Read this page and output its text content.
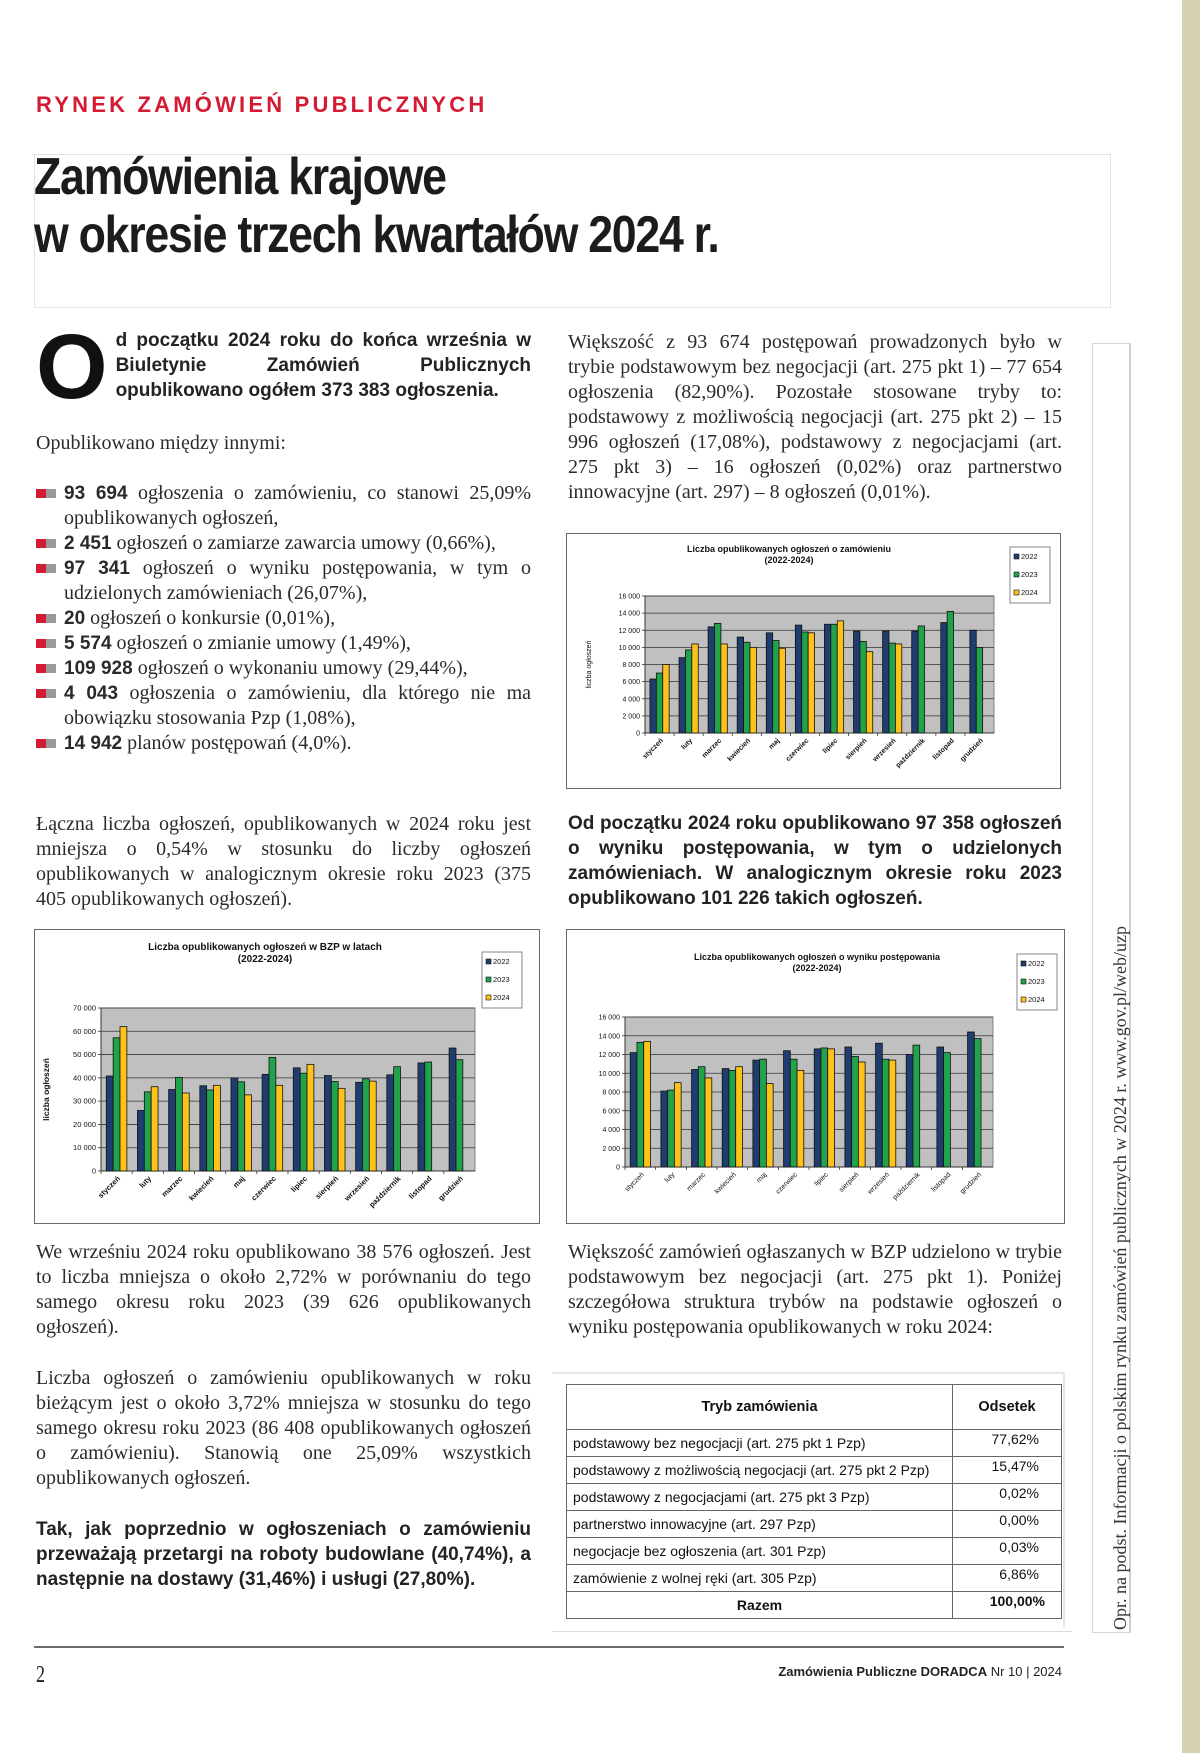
RYNEK ZAMÓWIEŃ PUBLICZNYCH
Zamówienia krajowe
w okresie trzech kwartałów 2024 r.
O d początku 2024 roku do końca września w Biuletynie Zamówień Publicznych opublikowano ogółem 373 383 ogłoszenia.
Opublikowano między innymi:
93 694 ogłoszenia o zamówieniu, co stanowi 25,09% opublikowanych ogłoszeń,
2 451 ogłoszeń o zamiarze zawarcia umowy (0,66%),
97 341 ogłoszeń o wyniku postępowania, w tym o udzielonych zamówieniach (26,07%),
20 ogłoszeń o konkursie (0,01%),
5 574 ogłoszeń o zmianie umowy (1,49%),
109 928 ogłoszeń o wykonaniu umowy (29,44%),
4 043 ogłoszenia o zamówieniu, dla którego nie ma obowiązku stosowania Pzp (1,08%),
14 942 planów postępowań (4,0%).
Łączna liczba ogłoszeń, opublikowanych w 2024 roku jest mniejsza o 0,54% w stosunku do liczby ogłoszeń opublikowanych w analogicznym okresie roku 2023 (375 405 opublikowanych ogłoszeń).
Liczba opublikowanych ogłoszeń w BZP w latach
(2022-2024)
0
10 000
20 000
30 000
40 000
50 000
60 000
70 000
liczba ogłoszeń
styczeń luty marzec kwiecień maj czerwiec lipiec sierpień wrzesień
październik listopad grudzień
2022
2023
2024
We wrześniu 2024 roku opublikowano 38 576 ogłoszeń. Jest to liczba mniejsza o około 2,72% w porównaniu do tego samego okresu roku 2023 (39 626 opublikowanych ogłoszeń).
Liczba ogłoszeń o zamówieniu opublikowanych w roku bieżącym jest o około 3,72% mniejsza w stosunku do tego samego okresu roku 2023 (86 408 opublikowanych ogłoszeń o zamówieniu). Stanowią one 25,09% wszystkich opublikowanych ogłoszeń.
Tak, jak poprzednio w ogłoszeniach o zamówieniu przeważają przetargi na roboty budowlane (40,74%), a następnie na dostawy (31,46%) i usługi (27,80%).
Większość z 93 674 postępowań prowadzonych było w trybie podstawowym bez negocjacji (art. 275 pkt 1) – 77 654 ogłoszenia (82,90%). Pozostałe stosowane tryby to: podstawowy z możliwością negocjacji (art. 275 pkt 2) – 15 996 ogłoszeń (17,08%), podstawowy z negocjacjami (art. 275 pkt 3) – 16 ogłoszeń (0,02%) oraz partnerstwo innowacyjne (art. 297) – 8 ogłoszeń (0,01%).
Liczba opublikowanych ogłoszeń o zamówieniu
(2022-2024)
0
2 000
4 000
6 000
8 000
10 000
12 000
14 000
16 000
liczba ogłoszeń
styczeń luty marzec kwiecień maj czerwiec lipiec sierpień wrzesień
październik listopad grudzień
2022
2023
2024
Od początku 2024 roku opublikowano 97 358 ogłoszeń o wyniku postępowania, w tym o udzielonych zamówieniach. W analogicznym okresie roku 2023 opublikowano 101 226 takich ogłoszeń.
Liczba opublikowanych ogłoszeń o wyniku postępowania
(2022-2024)
0
2 000
4 000
6 000
8 000
10 000
12 000
14 000
16 000
styczeń	luty marzec kwiecień	maj czerwiec lipiec sierpień wrzesień październik listopad grudzień
2022
2023
2024
Większość zamówień ogłaszanych w BZP udzielono w trybie podstawowym bez negocjacji (art. 275 pkt 1). Poniżej szczegółowa struktura trybów na podstawie ogłoszeń o wyniku postępowania opublikowanych w roku 2024:
Tryb zamówienia	Odsetek
podstawowy bez negocjacji (art. 275 pkt 1 Pzp)	77,62%
podstawowy z możliwością negocjacji (art. 275 pkt 2 Pzp)	15,47%
podstawowy z negocjacjami (art. 275 pkt 3 Pzp)	0,02%
partnerstwo innowacyjne (art. 297 Pzp)	0,00%
negocjacje bez ogłoszenia (art. 301 Pzp)	0,03%
zamówienie z wolnej ręki (art. 305 Pzp)	6,86%
Razem	100,00%	Opr. na podst. Informacji o polskim rynku zamówień publicznych w 2024 r. www.gov.pl/web/uzp
2	Zamówienia Publiczne DORADCA Nr 10 | 2024
